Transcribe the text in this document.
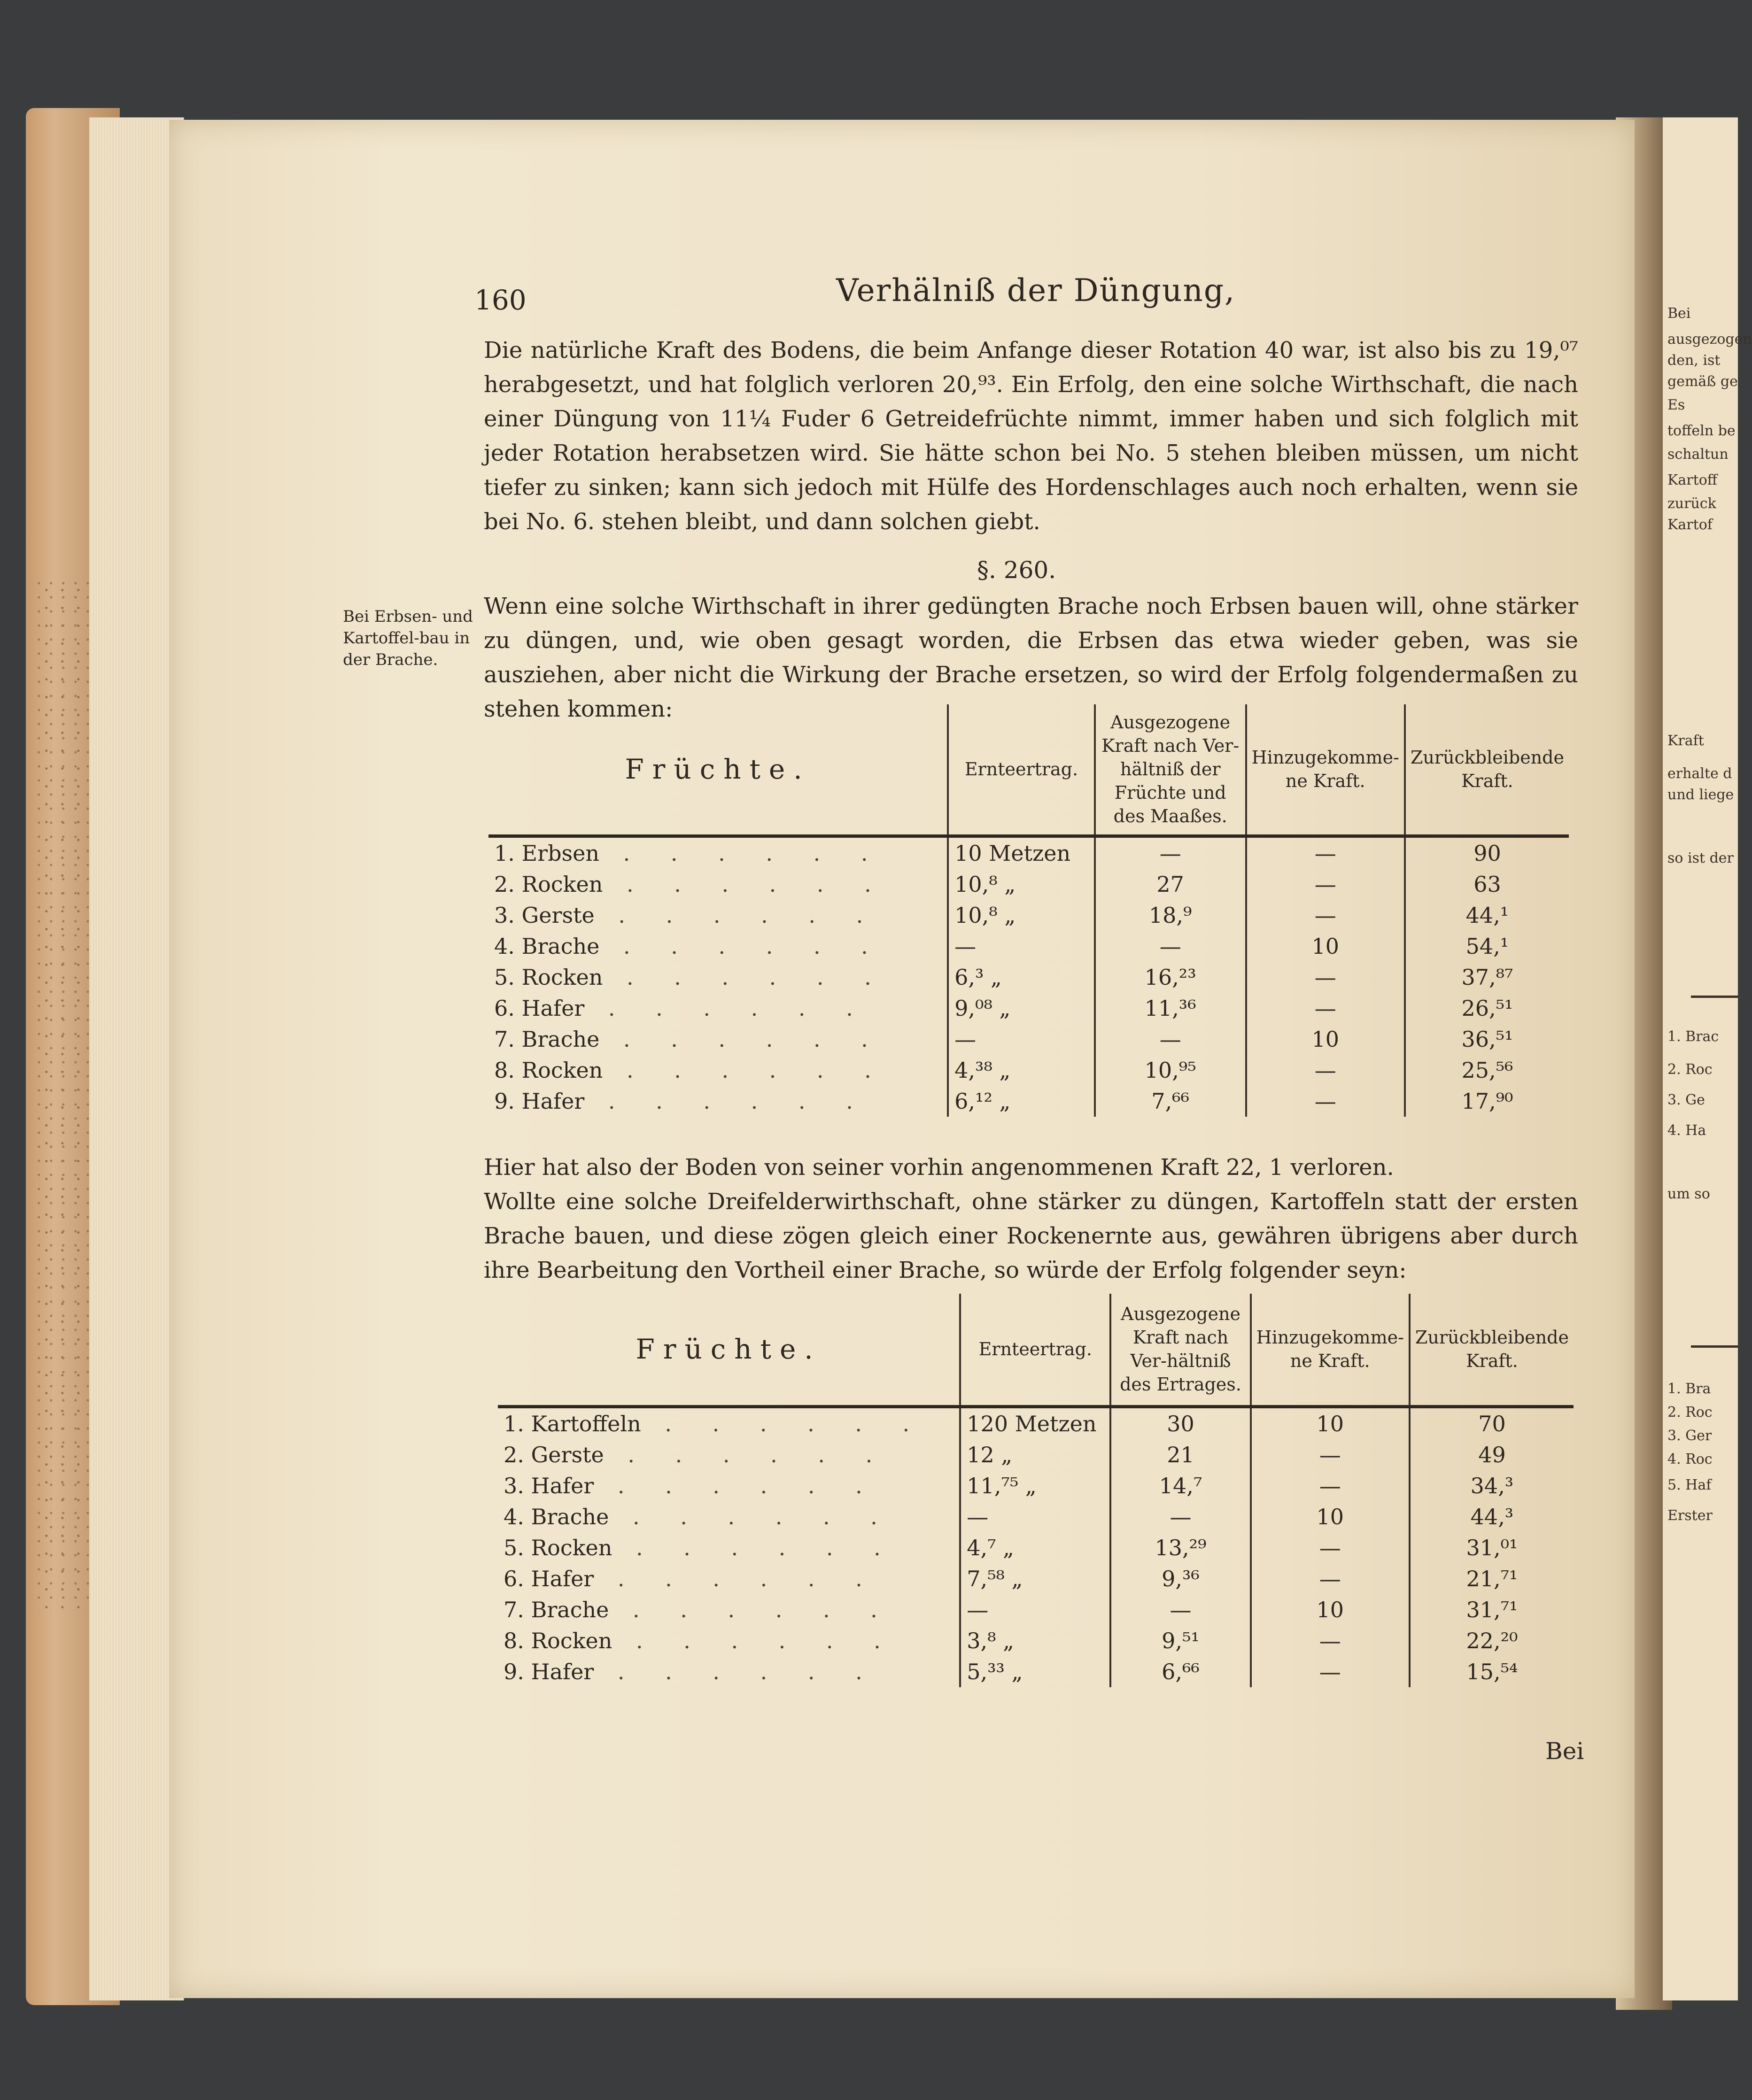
Bei
ausgezogen
den, ist
gemäß ge
Es
toffeln be
schaltun
Kartoff
zurück
Kartof
Kraft
erhalte d
und liege
so ist der
1. Brac
2. Roc
3. Ge
4. Ha
um so
1. Bra
2. Roc
3. Ger
4. Roc
5. Haf
Erster
160	Verhälniß der Düngung,

Die natürliche Kraft des Bodens, die beim Anfange dieser Rotation 40 war, ist also bis zu 19,⁰⁷ herabgesetzt, und hat folglich verloren 20,⁹³. Ein Erfolg, den eine solche Wirthschaft, die nach einer Düngung von 11¼ Fuder 6 Getreidefrüchte nimmt, immer haben und sich folglich mit jeder Rotation herabsetzen wird. Sie hätte schon bei No. 5 stehen bleiben müssen, um nicht tiefer zu sinken; kann sich jedoch mit Hülfe des Hordenschlages auch noch erhalten, wenn sie bei No. 6. stehen bleibt, und dann solchen giebt.

§. 260.
Bei Erbsen- und Kartoffel-bau in der Brache.

Wenn eine solche Wirthschaft in ihrer gedüngten Brache noch Erbsen bauen will, ohne stärker zu düngen, und, wie oben gesagt worden, die Erbsen das etwa wieder geben, was sie ausziehen, aber nicht die Wirkung der Brache ersetzen, so wird der Erfolg folgendermaßen zu stehen kommen:

Früchte.	Ernteertrag.	Ausgezogene Kraft nach Ver-hältniß der Früchte und des Maaßes.	Hinzugekomme-ne Kraft.	Zurückbleibende Kraft.
1. Erbsen . . . . . .	10 Metzen	—	—	90
2. Rocken . . . . . .	10,⁸ „	27	—	63
3. Gerste . . . . . .	10,⁸ „	18,⁹	—	44,¹
4. Brache . . . . . .	—	—	10	54,¹
5. Rocken . . . . . .	6,³ „	16,²³	—	37,⁸⁷
6. Hafer . . . . . .	9,⁰⁸ „	11,³⁶	—	26,⁵¹
7. Brache . . . . . .	—	—	10	36,⁵¹
8. Rocken . . . . . .	4,³⁸ „	10,⁹⁵	—	25,⁵⁶
9. Hafer . . . . . .	6,¹² „	7,⁶⁶	—	17,⁹⁰

Hier hat also der Boden von seiner vorhin angenommenen Kraft 22, 1 verloren.

Wollte eine solche Dreifelderwirthschaft, ohne stärker zu düngen, Kartoffeln statt der ersten Brache bauen, und diese zögen gleich einer Rockenernte aus, gewähren übrigens aber durch ihre Bearbeitung den Vortheil einer Brache, so würde der Erfolg folgender seyn:

Früchte.	Ernteertrag.	Ausgezogene Kraft nach Ver-hältniß des Ertrages.	Hinzugekomme-ne Kraft.	Zurückbleibende Kraft.
1. Kartoffeln . . . . . .	120 Metzen	30	10	70
2. Gerste . . . . . .	12 „	21	—	49
3. Hafer . . . . . .	11,⁷⁵ „	14,⁷	—	34,³
4. Brache . . . . . .	—	—	10	44,³
5. Rocken . . . . . .	4,⁷ „	13,²⁹	—	31,⁰¹
6. Hafer . . . . . .	7,⁵⁸ „	9,³⁶	—	21,⁷¹
7. Brache . . . . . .	—	—	10	31,⁷¹
8. Rocken . . . . . .	3,⁸ „	9,⁵¹	—	22,²⁰
9. Hafer . . . . . .	5,³³ „	6,⁶⁶	—	15,⁵⁴
Bei
